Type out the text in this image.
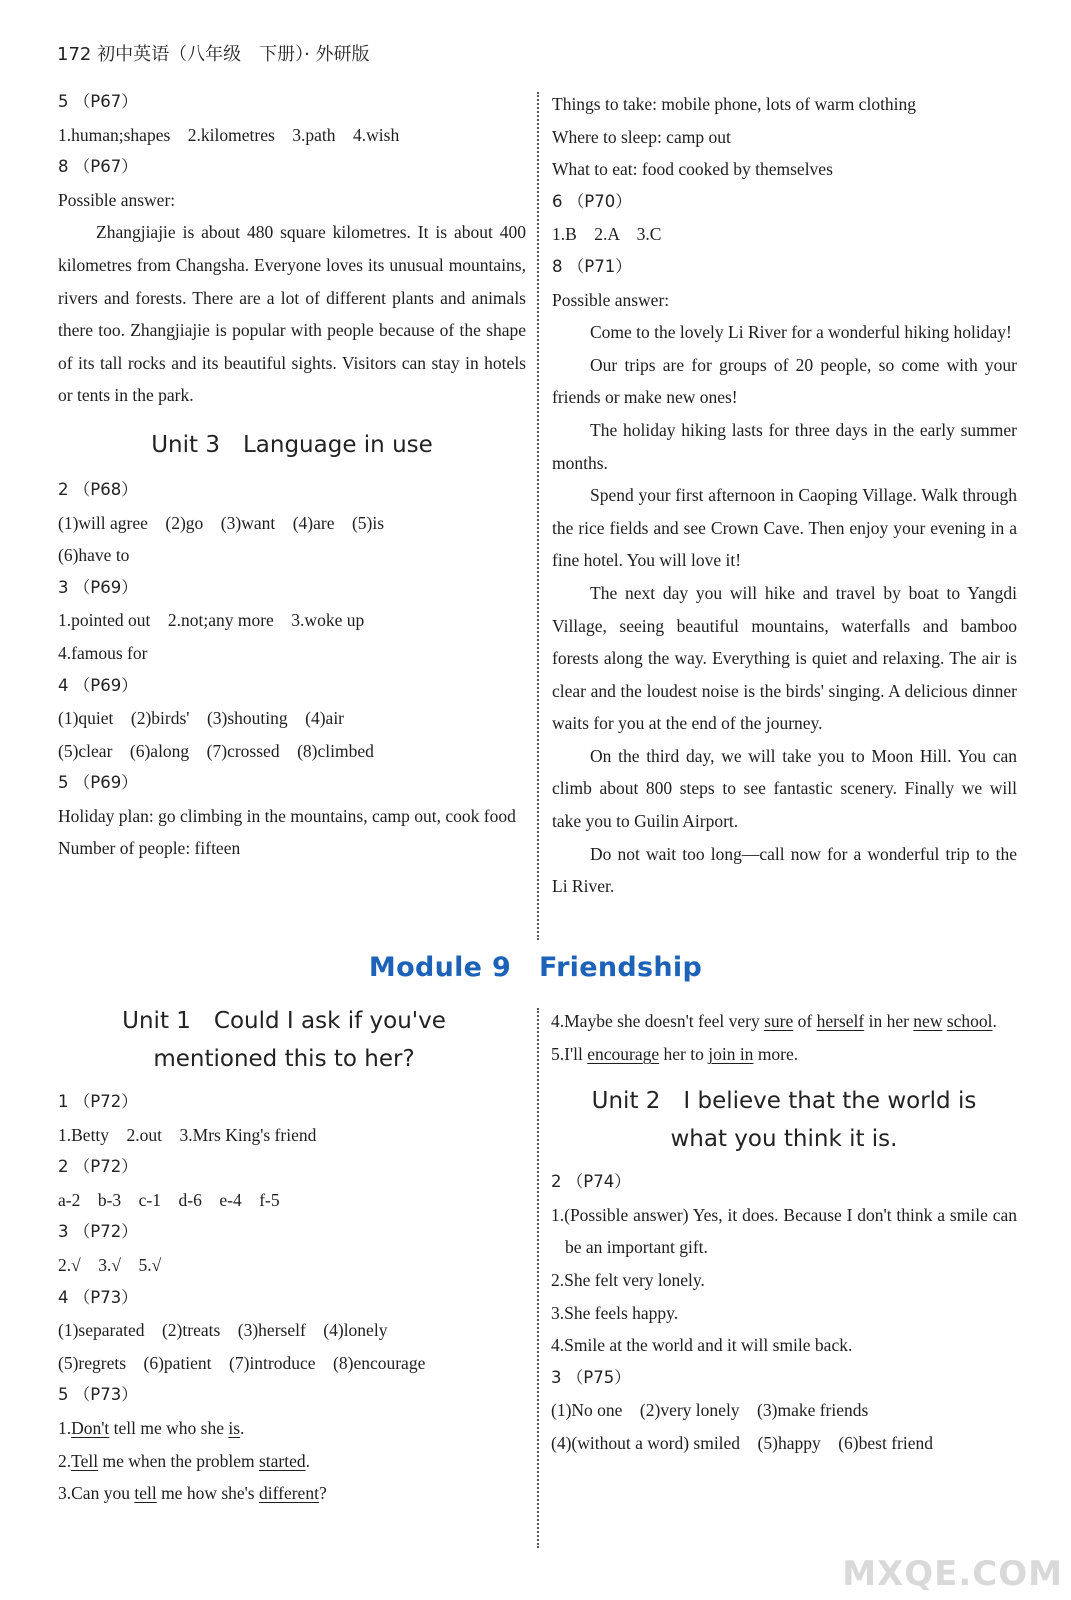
172 初中英语（八年级　下册）· 外研版
5 （P67）
1.human;shapes　2.kilometres　3.path　4.wish
8 （P67）
Possible answer:
Zhangjiajie is about 480 square kilometres. It is about 400 kilometres from Changsha. Everyone loves its unusual mountains, rivers and forests. There are a lot of different plants and animals there too. Zhangjiajie is popular with people because of the shape of its tall rocks and its beautiful sights. Visitors can stay in hotels or tents in the park.
Unit 3　Language in use
2 （P68）
(1)will agree　(2)go　(3)want　(4)are　(5)is
(6)have to
3 （P69）
1.pointed out　2.not;any more　3.woke up
4.famous for
4 （P69）
(1)quiet　(2)birds'　(3)shouting　(4)air
(5)clear　(6)along　(7)crossed　(8)climbed
5 （P69）
Holiday plan: go climbing in the mountains, camp out, cook food
Number of people: fifteen
Things to take: mobile phone, lots of warm clothing
Where to sleep: camp out
What to eat: food cooked by themselves
6 （P70）
1.B　2.A　3.C
8 （P71）
Possible answer:
Come to the lovely Li River for a wonderful hiking holiday!
Our trips are for groups of 20 people, so come with your friends or make new ones!
The holiday hiking lasts for three days in the early summer months.
Spend your first afternoon in Caoping Village. Walk through the rice fields and see Crown Cave. Then enjoy your evening in a fine hotel. You will love it!
The next day you will hike and travel by boat to Yangdi Village, seeing beautiful mountains, waterfalls and bamboo forests along the way. Everything is quiet and relaxing. The air is clear and the loudest noise is the birds' singing. A delicious dinner waits for you at the end of the journey.
On the third day, we will take you to Moon Hill. You can climb about 800 steps to see fantastic scenery. Finally we will take you to Guilin Airport.
Do not wait too long—call now for a wonderful trip to the Li River.
Module 9 Friendship
Unit 1　Could I ask if you've
mentioned this to her?
1 （P72）
1.Betty　2.out　3.Mrs King's friend
2 （P72）
a-2　b-3　c-1　d-6　e-4　f-5
3 （P72）
2.√　3.√　5.√
4 （P73）
(1)separated　(2)treats　(3)herself　(4)lonely
(5)regrets　(6)patient　(7)introduce　(8)encourage
5 （P73）
1.Don't tell me who she is.
2.Tell me when the problem started.
3.Can you tell me how she's different?
4.Maybe she doesn't feel very sure of herself in her new school.
5.I'll encourage her to join in more.
Unit 2　I believe that the world is
what you think it is.
2 （P74）
1.(Possible answer) Yes, it does. Because I don't think a smile can be an important gift.
2.She felt very lonely.
3.She feels happy.
4.Smile at the world and it will smile back.
3 （P75）
(1)No one　(2)very lonely　(3)make friends
(4)(without a word) smiled　(5)happy　(6)best friend
MXQE.COM
